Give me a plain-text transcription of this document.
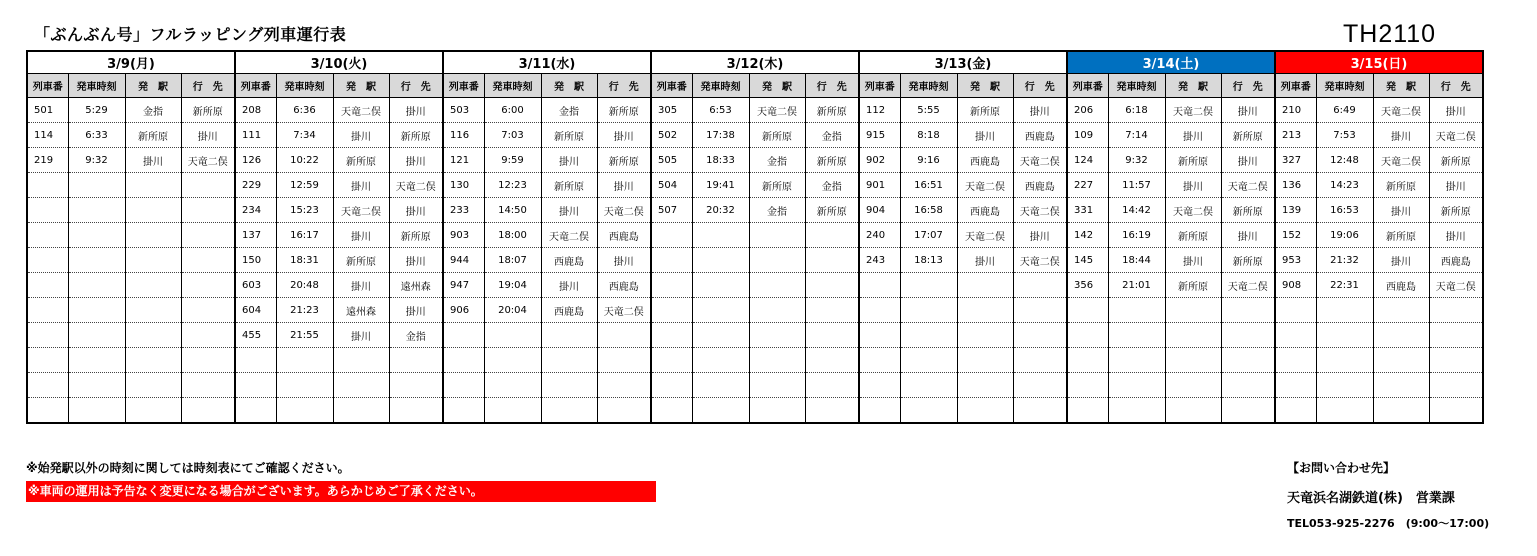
「ぶんぶん号」フルラッピング列車運行表	TH2110
3/9(月)				3/10(火)				3/11(水)				3/12(木)				3/13(金)				3/14(土)				3/15(日)			
列車番	発車時刻	発　駅	行　先	列車番	発車時刻	発　駅	行　先	列車番	発車時刻	発　駅	行　先	列車番	発車時刻	発　駅	行　先	列車番	発車時刻	発　駅	行　先	列車番	発車時刻	発　駅	行　先	列車番	発車時刻	発　駅	行　先
501	5:29	金指	新所原	208	6:36	天竜二俣	掛川	503	6:00	金指	新所原	305	6:53	天竜二俣	新所原	112	5:55	新所原	掛川	206	6:18	天竜二俣	掛川	210	6:49	天竜二俣	掛川
114	6:33	新所原	掛川	111	7:34	掛川	新所原	116	7:03	新所原	掛川	502	17:38	新所原	金指	915	8:18	掛川	西鹿島	109	7:14	掛川	新所原	213	7:53	掛川	天竜二俣
219	9:32	掛川	天竜二俣	126	10:22	新所原	掛川	121	9:59	掛川	新所原	505	18:33	金指	新所原	902	9:16	西鹿島	天竜二俣	124	9:32	新所原	掛川	327	12:48	天竜二俣	新所原
				229	12:59	掛川	天竜二俣	130	12:23	新所原	掛川	504	19:41	新所原	金指	901	16:51	天竜二俣	西鹿島	227	11:57	掛川	天竜二俣	136	14:23	新所原	掛川
				234	15:23	天竜二俣	掛川	233	14:50	掛川	天竜二俣	507	20:32	金指	新所原	904	16:58	西鹿島	天竜二俣	331	14:42	天竜二俣	新所原	139	16:53	掛川	新所原
				137	16:17	掛川	新所原	903	18:00	天竜二俣	西鹿島					240	17:07	天竜二俣	掛川	142	16:19	新所原	掛川	152	19:06	新所原	掛川
				150	18:31	新所原	掛川	944	18:07	西鹿島	掛川					243	18:13	掛川	天竜二俣	145	18:44	掛川	新所原	953	21:32	掛川	西鹿島
				603	20:48	掛川	遠州森	947	19:04	掛川	西鹿島									356	21:01	新所原	天竜二俣	908	22:31	西鹿島	天竜二俣
				604	21:23	遠州森	掛川	906	20:04	西鹿島	天竜二俣																
				455	21:55	掛川	金指																				

※始発駅以外の時刻に関しては時刻表にてご確認ください。
※車両の運用は予告なく変更になる場合がございます。あらかじめご了承ください。
【お問い合わせ先】
天竜浜名湖鉄道(株)　営業課
TEL053-925-2276　(9:00～17:00)
